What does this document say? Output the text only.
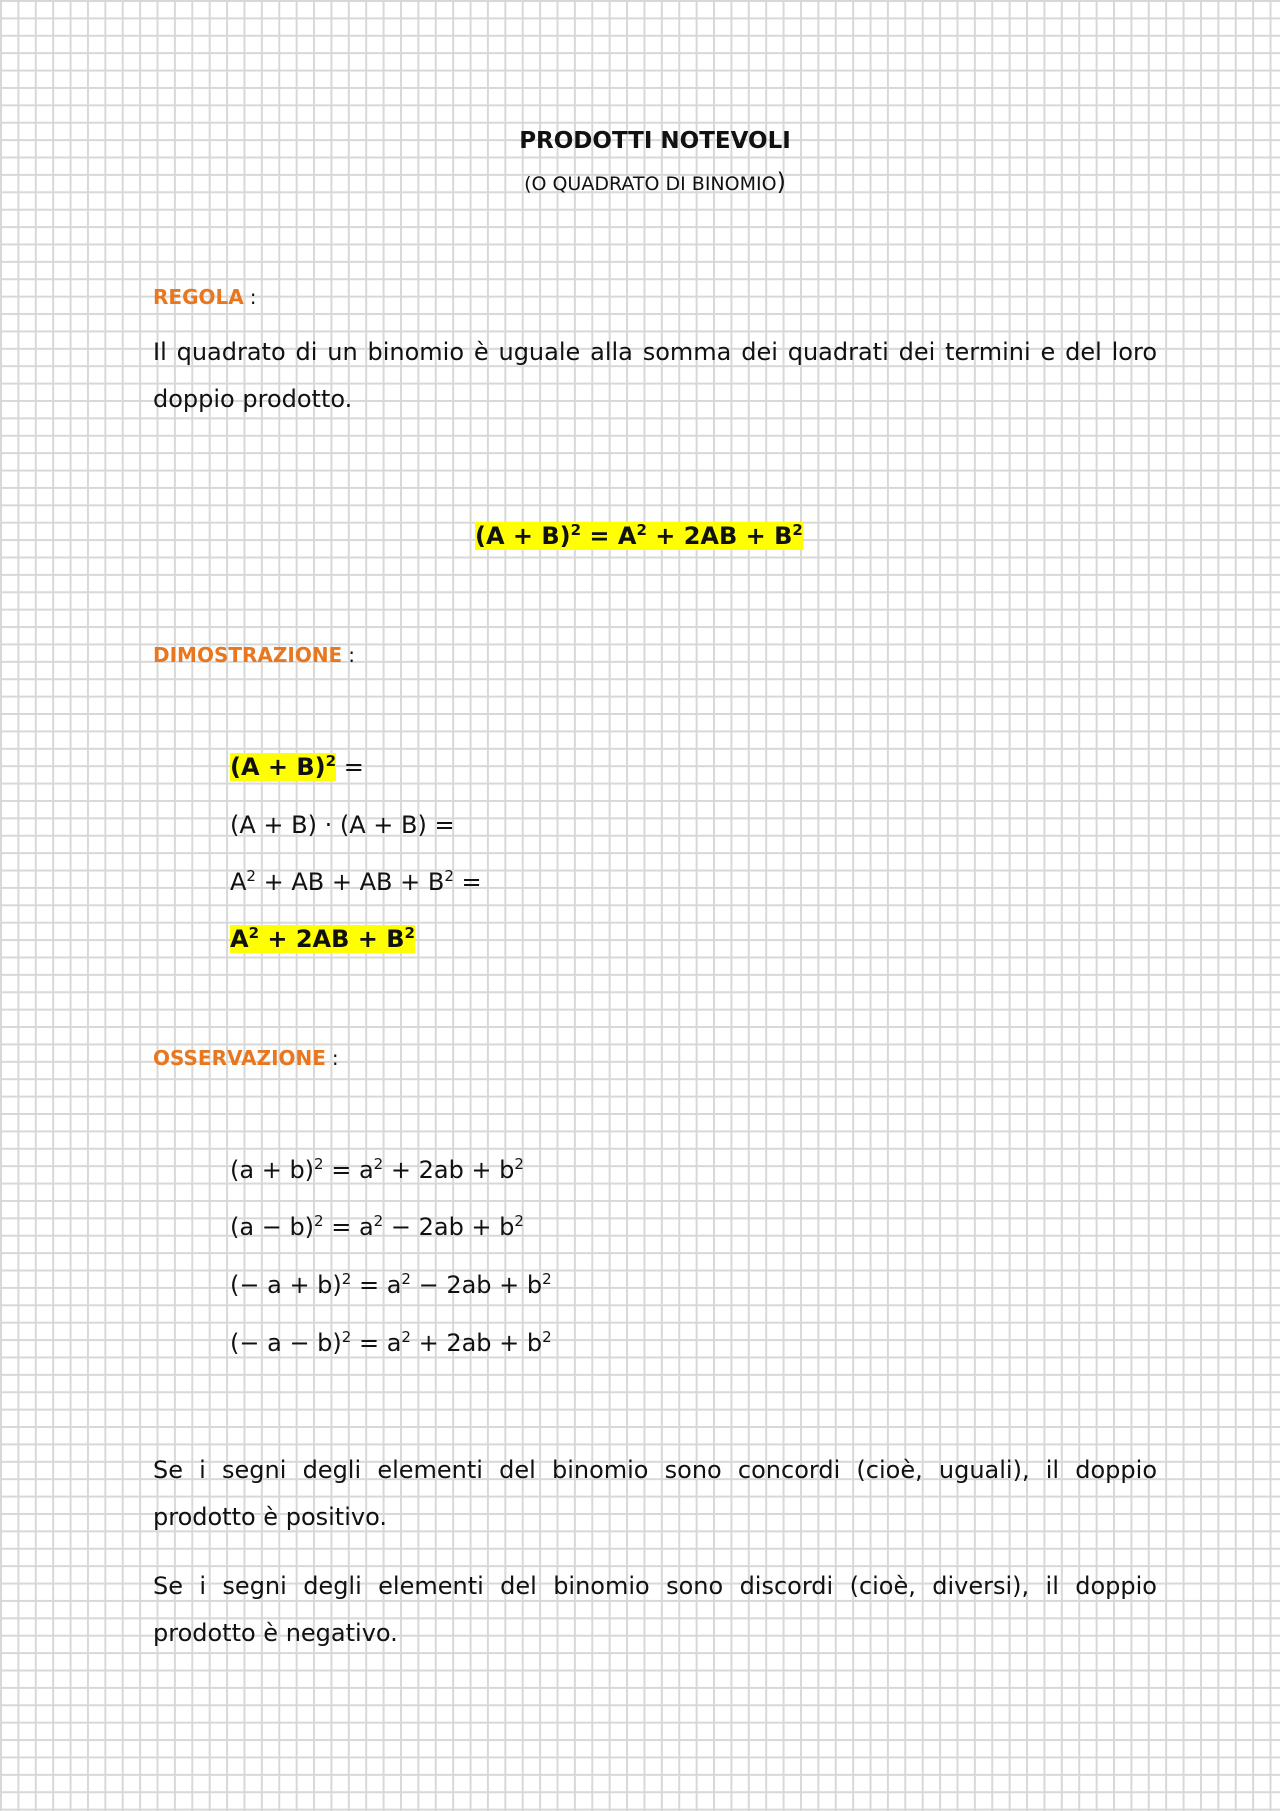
PRODOTTI NOTEVOLI
(O QUADRATO DI BINOMIO)
REGOLA :
Il quadrato di un binomio è uguale alla somma dei quadrati dei termini e del loro doppio prodotto.
$(A + B)^2 = A^2 + 2AB + B^2$
DIMOSTRAZIONE :
$(A + B)^2$ =
(A + B) · (A + B) =
$A^2$ + AB + AB + $B^2$ =
$A^2 + 2AB + B^2$
OSSERVAZIONE :
$(a + b)^2 = a^2 + 2ab + b^2$
$(a - b)^2 = a^2 - 2ab + b^2$
(− $a + b)^2 = a^2 - 2ab + b^2$
(− $a - b)^2 = a^2 + 2ab + b^2$
Se i segni degli elementi del binomio sono concordi (cioè, uguali), il doppio prodotto è positivo.
Se i segni degli elementi del binomio sono discordi (cioè, diversi), il doppio prodotto è negativo.
